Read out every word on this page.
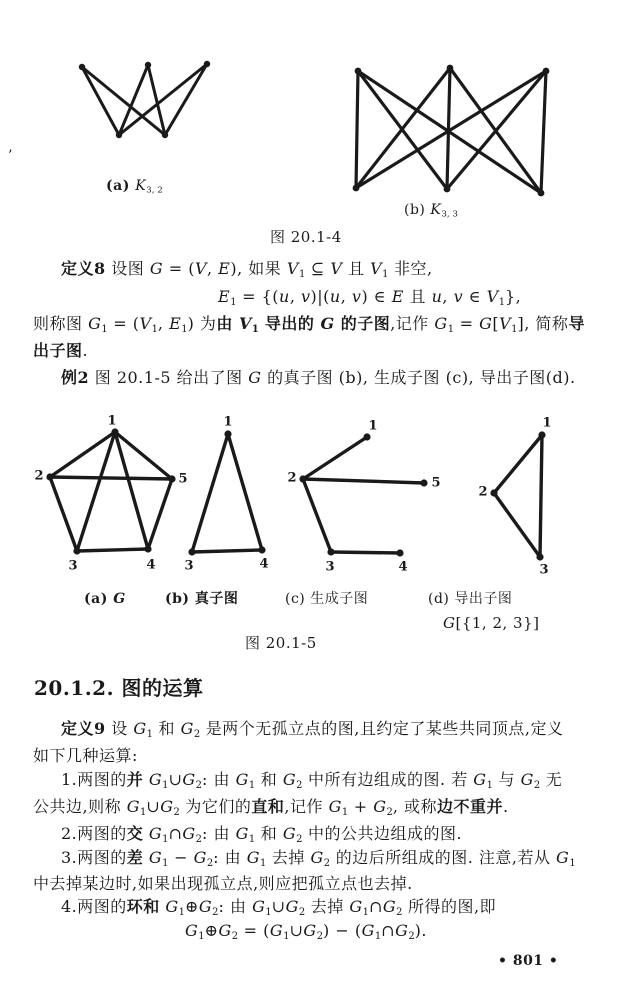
1
2	5
3	4
1
3	4
1
2	5
3	4
1
2
3
’
(a) $K_{3, 2}$
(b) $K_{3, 3}$
图 20.1-4
定义8 设图 G = (V, E), 如果 $V_1$ ⊆ V 且 $V_1$ 非空,
$E_1 = \{(u$, v)|(u, v) ∈ E 且 u, v ∈ $V_1$},
则称图 $G_1 = (V_1$, $E_1$) 为由 $V_1$ 导出的 G 的子图,记作 $G_1 = G[V_1]$, 简称导
出子图.
例2 图 20.1-5 给出了图 G 的真子图 (b), 生成子图 (c), 导出子图(d).
(a) G	(b) 真子图	(c) 生成子图	(d) 导出子图
G[{1, 2, 3}]
图 20.1-5
20.1.2. 图的运算
定义9 设 $G_1$ 和 $G_2$ 是两个无孤立点的图,且约定了某些共同顶点,定义
如下几种运算:
1.两图的并 $G_1\cup G_2$: 由 $G_1$ 和 $G_2$ 中所有边组成的图. 若 $G_1$ 与 $G_2$ 无
公共边,则称 $G_1\cup G_2$ 为它们的直和,记作 $G_1 + G_2$, 或称边不重并.
2.两图的交 $G_1\cap G_2$: 由 $G_1$ 和 $G_2$ 中的公共边组成的图.
3.两图的差 $G_1 - G_2$: 由 $G_1$ 去掉 $G_2$ 的边后所组成的图. 注意,若从 $G_1$
中去掉某边时,如果出现孤立点,则应把孤立点也去掉.
4.两图的环和 $G_1\oplus G_2$: 由 $G_1\cup G_2$ 去掉 $G_1\cap G_2$ 所得的图,即
$G_1\oplus G_2$ = $(G_1\cup G_2)$ − $(G_1\cap G_2)$.
• 801 •
